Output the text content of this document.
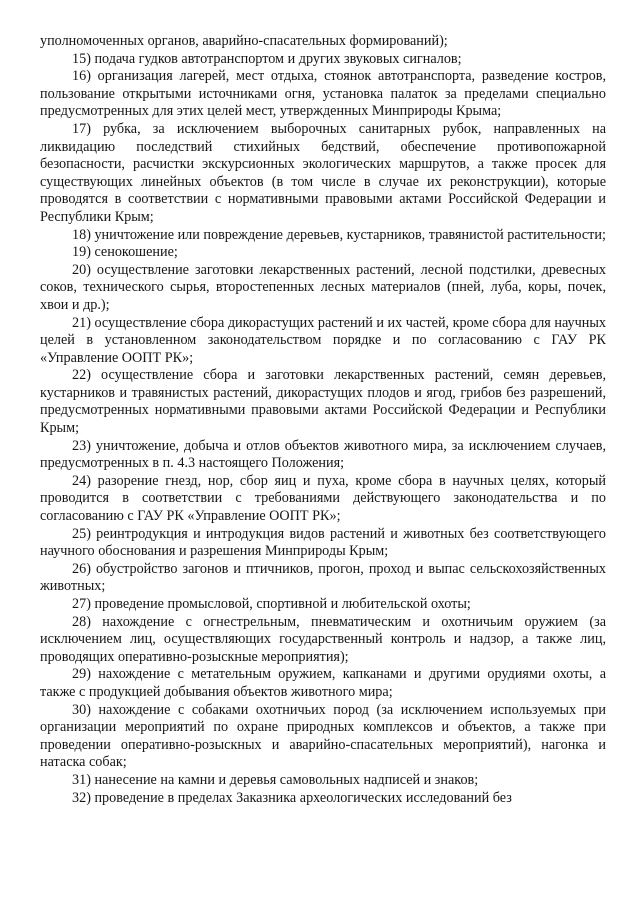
уполномоченных органов, аварийно-спасательных формирований);

15) подача гудков автотранспортом и других звуковых сигналов;

16) организация лагерей, мест отдыха, стоянок автотранспорта, разведение костров, пользование открытыми источниками огня, установка палаток за пределами специально предусмотренных для этих целей мест, утвержденных Минприроды Крыма;

17) рубка, за исключением выборочных санитарных рубок, направленных на ликвидацию последствий стихийных бедствий, обеспечение противопожарной безопасности, расчистки экскурсионных экологических маршрутов, а также просек для существующих линейных объектов (в том числе в случае их реконструкции), которые проводятся в соответствии с нормативными правовыми актами Российской Федерации и Республики Крым;

18) уничтожение или повреждение деревьев, кустарников, травянистой растительности;

19) сенокошение;

20) осуществление заготовки лекарственных растений, лесной подстилки, древесных соков, технического сырья, второстепенных лесных материалов (пней, луба, коры, почек, хвои и др.);

21) осуществление сбора дикорастущих растений и их частей, кроме сбора для научных целей в установленном законодательством порядке и по согласованию с ГАУ РК «Управление ООПТ РК»;

22) осуществление сбора и заготовки лекарственных растений, семян деревьев, кустарников и травянистых растений, дикорастущих плодов и ягод, грибов без разрешений, предусмотренных нормативными правовыми актами Российской Федерации и Республики Крым;

23) уничтожение, добыча и отлов объектов животного мира, за исключением случаев, предусмотренных в п. 4.3 настоящего Положения;

24) разорение гнезд, нор, сбор яиц и пуха, кроме сбора в научных целях, который проводится в соответствии с требованиями действующего законодательства и по согласованию с ГАУ РК «Управление ООПТ РК»;

25) реинтродукция и интродукция видов растений и животных без соответствующего научного обоснования и разрешения Минприроды Крым;

26) обустройство загонов и птичников, прогон, проход и выпас сельскохозяйственных животных;

27) проведение промысловой, спортивной и любительской охоты;

28) нахождение с огнестрельным, пневматическим и охотничьим оружием (за исключением лиц, осуществляющих государственный контроль и надзор, а также лиц, проводящих оперативно-розыскные мероприятия);

29) нахождение с метательным оружием, капканами и другими орудиями охоты, а также с продукцией добывания объектов животного мира;

30) нахождение с собаками охотничьих пород (за исключением используемых при организации мероприятий по охране природных комплексов и объектов, а также при проведении оперативно-розыскных и аварийно-спасательных мероприятий), нагонка и натаска собак;

31) нанесение на камни и деревья самовольных надписей и знаков;

32) проведение в пределах Заказника археологических исследований без
